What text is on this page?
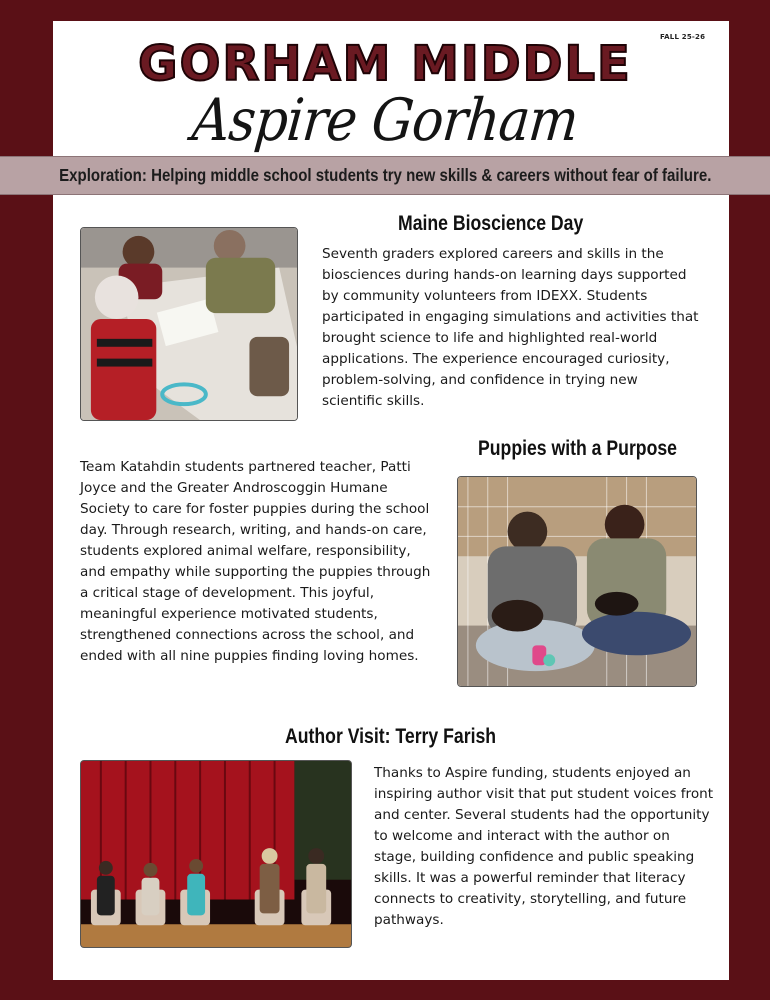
FALL 25-26
GORHAM MIDDLE
Aspire Gorham
Exploration: Helping middle school students try new skills & careers without fear of failure.
Maine Bioscience Day
Seventh graders explored careers and skills in the biosciences during hands-on learning days supported by community volunteers from IDEXX. Students participated in engaging simulations and activities that brought science to life and highlighted real-world applications. The experience encouraged curiosity, problem-solving, and confidence in trying new scientific skills.
Puppies with a Purpose
Team Katahdin students partnered teacher, Patti Joyce and the Greater Androscoggin Humane Society to care for foster puppies during the school day. Through research, writing, and hands-on care, students explored animal welfare, responsibility, and empathy while supporting the puppies through a critical stage of development. This joyful, meaningful experience motivated students, strengthened connections across the school, and ended with all nine puppies finding loving homes.
Author Visit: Terry Farish
Thanks to Aspire funding, students enjoyed an inspiring author visit that put student voices front and center. Several students had the opportunity to welcome and interact with the author on stage, building confidence and public speaking skills. It was a powerful reminder that literacy connects to creativity, storytelling, and future pathways.
